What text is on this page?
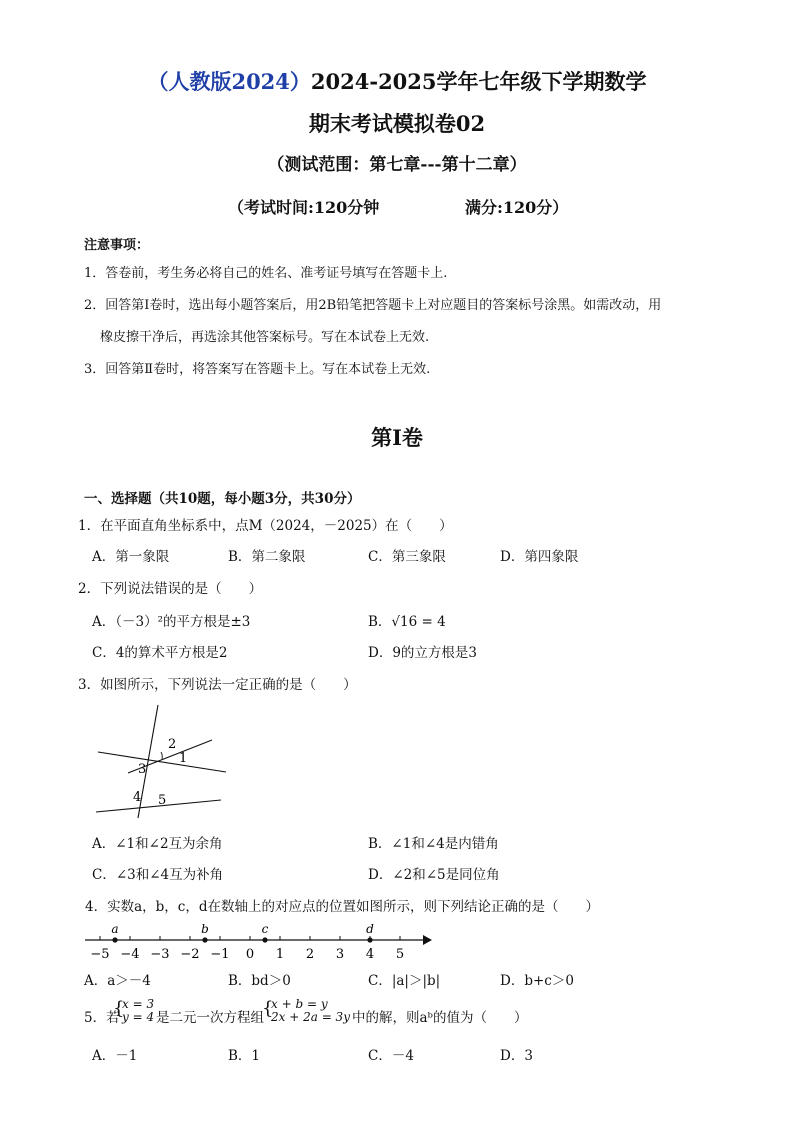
（人教版2024）2024-2025学年七年级下学期数学
期末考试模拟卷02
（测试范围：第七章---第十二章）
（考试时间:120分钟	满分:120分）
注意事项：
1．答卷前，考生务必将自己的姓名、准考证号填写在答题卡上.
2．回答第Ⅰ卷时，选出每小题答案后，用2B铅笔把答题卡上对应题目的答案标号涂黑。如需改动，用
橡皮擦干净后，再选涂其他答案标号。写在本试卷上无效.
3．回答第Ⅱ卷时，将答案写在答题卡上。写在本试卷上无效.
第Ⅰ卷
一、选择题（共10题，每小题3分，共30分）
1．在平面直角坐标系中，点M（2024，－2025）在（　　）
A．第一象限	B．第二象限	C．第三象限	D．第四象限
2．下列说法错误的是（　　）
A．（－3）²的平方根是±3	B．√16 = 4
C．4的算术平方根是2	D．9的立方根是3
3．如图所示，下列说法一定正确的是（　　）
2
1
3
4 5
A．∠1和∠2互为余角	B．∠1和∠4是内错角
C．∠3和∠4互为补角	D．∠2和∠5是同位角
4．实数a，b，c，d在数轴上的对应点的位置如图所示，则下列结论正确的是（　　）
−5 −4 −3 −2 −1 0 1 2 3 4 5
a	b	c	d
A．a＞－4	B．bd＞0	C．|a|＞|b|	D．b+c＞0
5．若
{
x = 3
y = 4 是二元一次方程组
{
x + b = y
2x + 2a = 3y 中的解，则aᵇ的值为（　　）
A．－1	B．1	C．－4	D．3
